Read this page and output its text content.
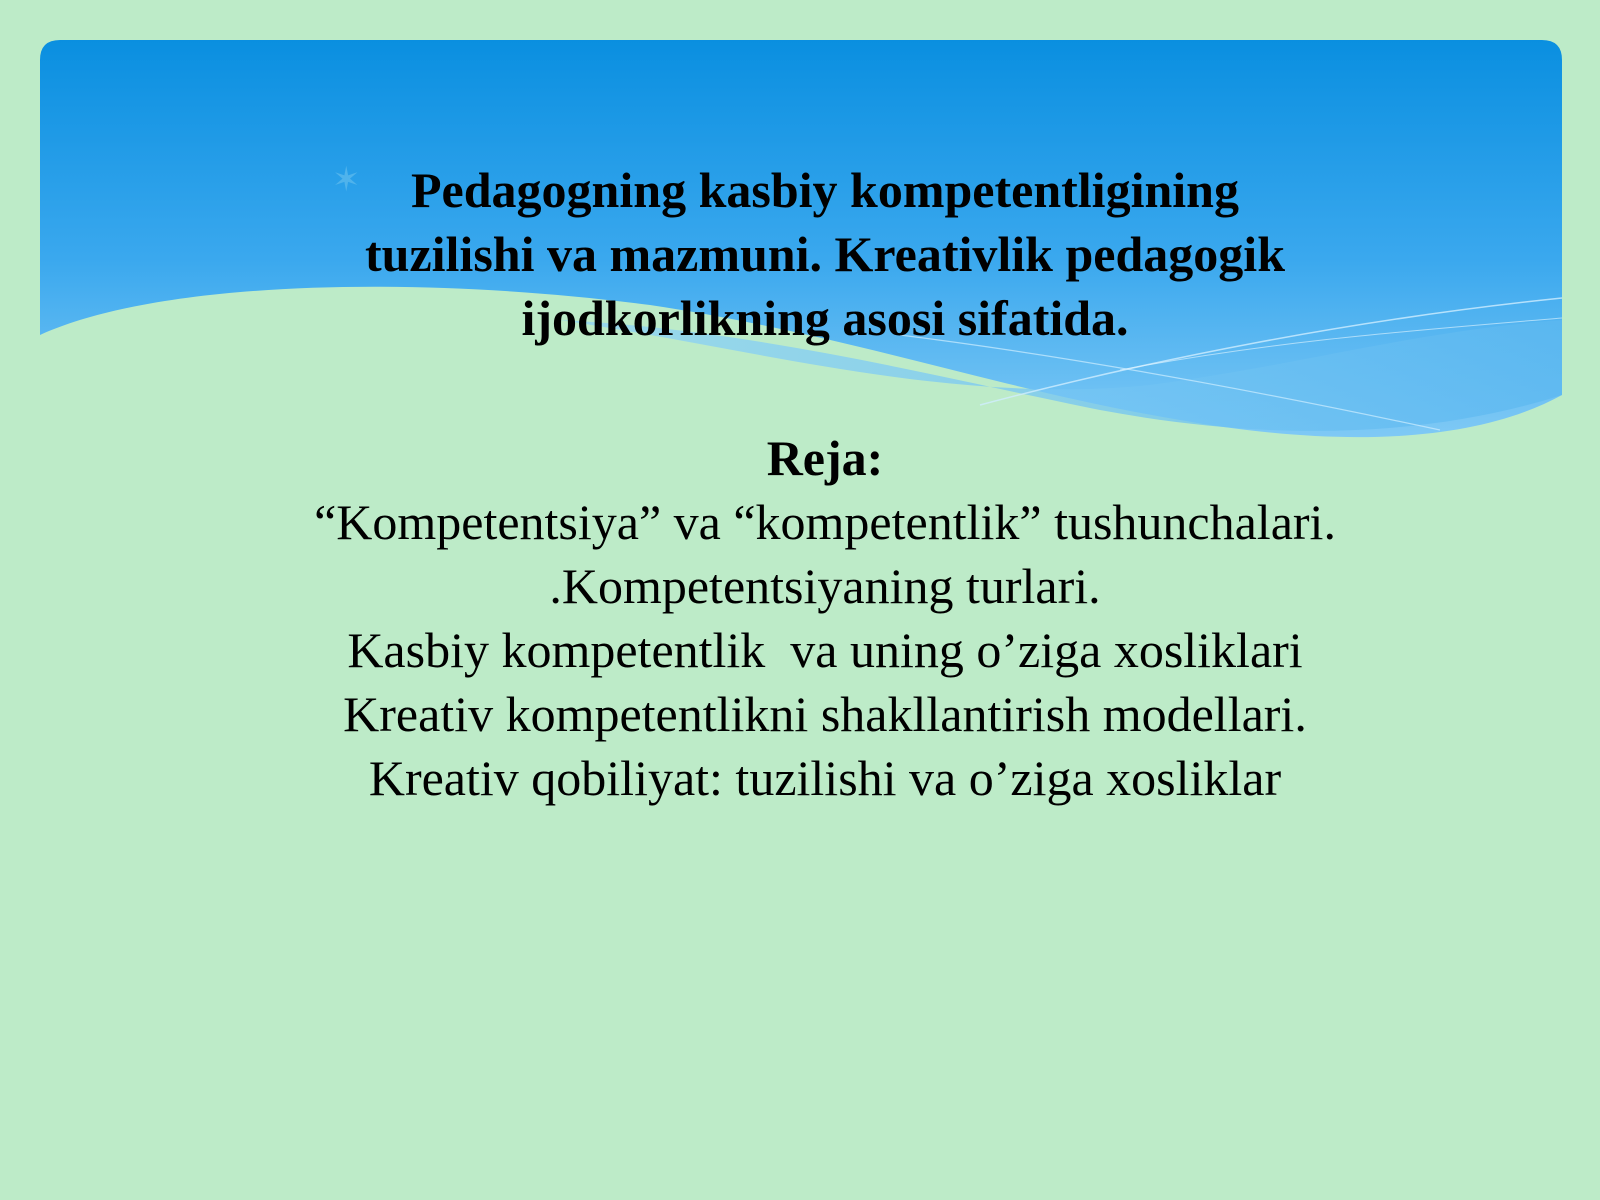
✶	Pedagogning kasbiy kompetentligining
tuzilishi va mazmuni. Kreativlik pedagogik
ijodkorlikning asosi sifatida.
Reja:
“Kompetentsiya” va “kompetentlik” tushunchalari.
.Kompetentsiyaning turlari.
Kasbiy kompetentlik  va uning o’ziga xosliklari
Kreativ kompetentlikni shakllantirish modellari.
Kreativ qobiliyat: tuzilishi va o’ziga xosliklar
